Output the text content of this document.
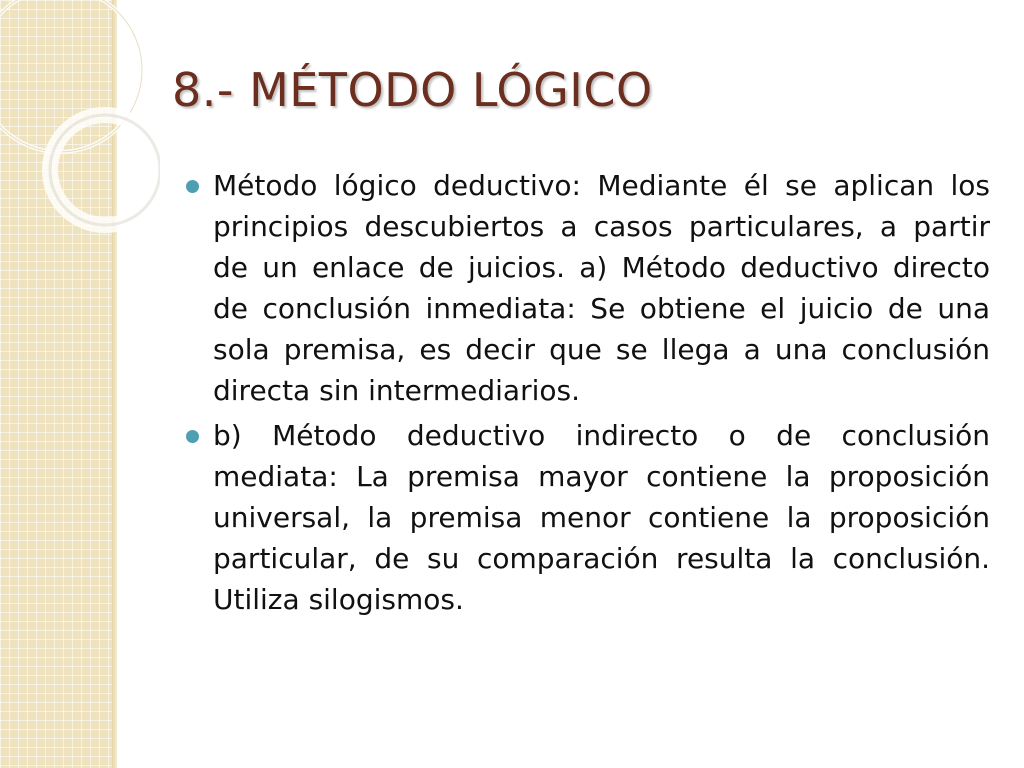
8.- MÉTODO LÓGICO
Método lógico deductivo: Mediante él se aplican los principios descubiertos a casos particulares, a partir de un enlace de juicios. a) Método deductivo directo de conclusión inmediata: Se obtiene el juicio de una sola premisa, es decir que se llega a una conclusión directa sin intermediarios.
b) Método deductivo indirecto o de conclusión mediata: La premisa mayor contiene la proposición universal, la premisa menor contiene la proposición particular, de su comparación resulta la conclusión. Utiliza silogismos.
